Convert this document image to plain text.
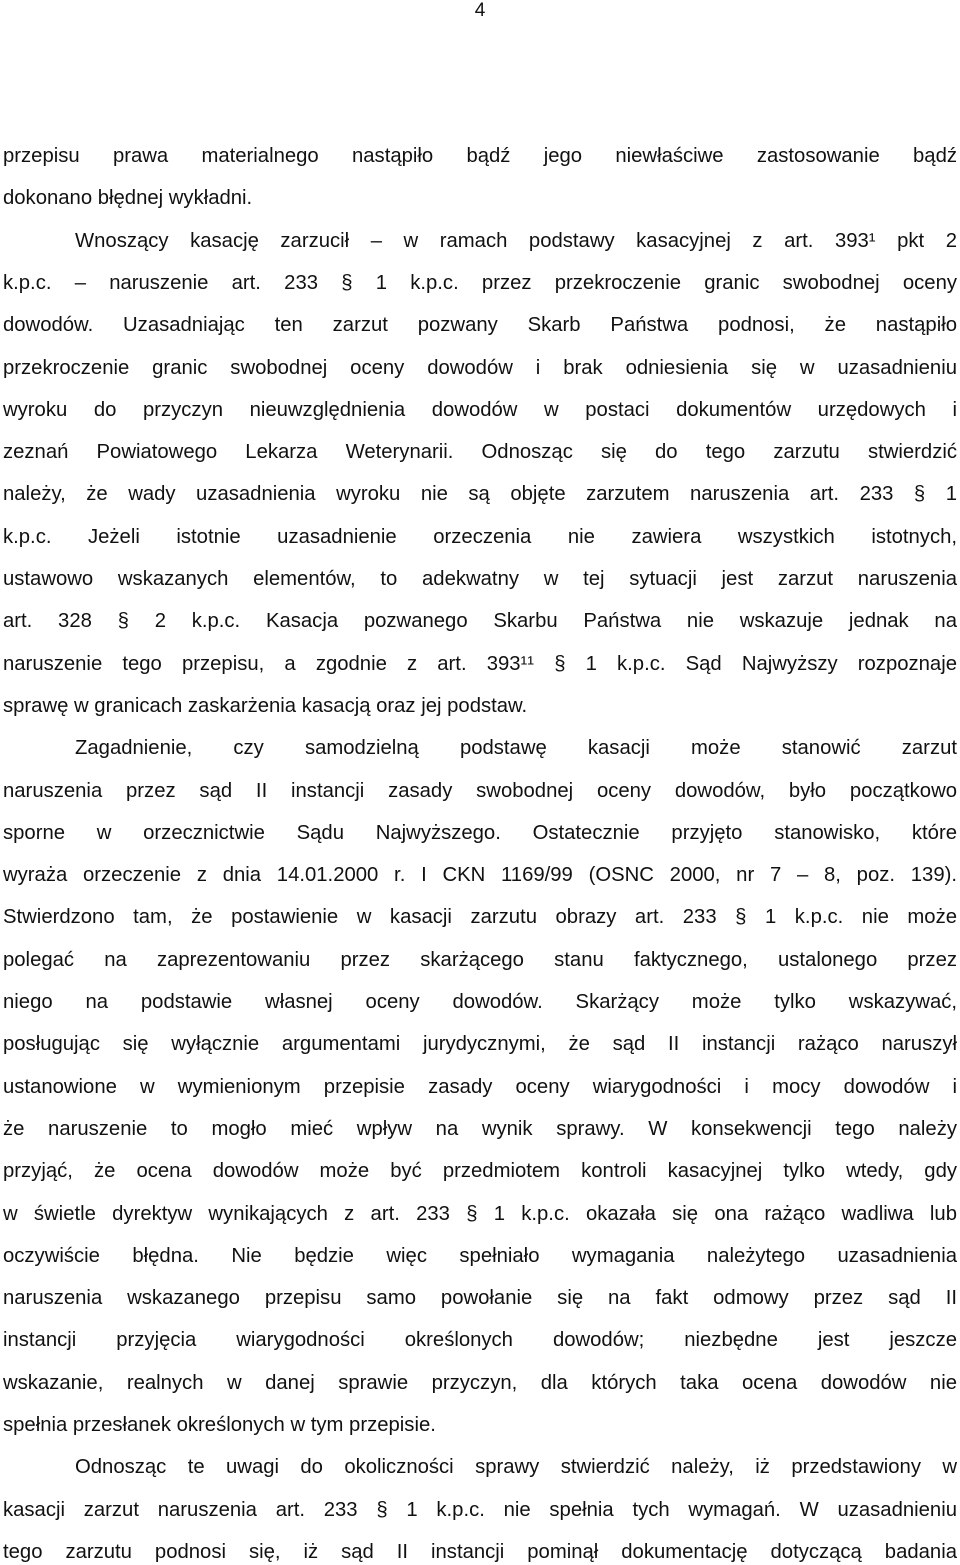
4
przepisu prawa materialnego nastąpiło bądź jego niewłaściwe zastosowanie bądź
dokonano błędnej wykładni.
Wnoszący kasację zarzucił – w ramach podstawy kasacyjnej z art. 393¹ pkt 2
k.p.c. – naruszenie art. 233 § 1 k.p.c. przez przekroczenie granic swobodnej oceny
dowodów. Uzasadniając ten zarzut pozwany Skarb Państwa podnosi, że nastąpiło
przekroczenie granic swobodnej oceny dowodów i brak odniesienia się w uzasadnieniu
wyroku do przyczyn nieuwzględnienia dowodów w postaci dokumentów urzędowych i
zeznań Powiatowego Lekarza Weterynarii. Odnosząc się do tego zarzutu stwierdzić
należy, że wady uzasadnienia wyroku nie są objęte zarzutem naruszenia art. 233 § 1
k.p.c. Jeżeli istotnie uzasadnienie orzeczenia nie zawiera wszystkich istotnych,
ustawowo wskazanych elementów, to adekwatny w tej sytuacji jest zarzut naruszenia
art. 328 § 2 k.p.c. Kasacja pozwanego Skarbu Państwa nie wskazuje jednak na
naruszenie tego przepisu, a zgodnie z art. 393¹¹ § 1 k.p.c. Sąd Najwyższy rozpoznaje
sprawę w granicach zaskarżenia kasacją oraz jej podstaw.
Zagadnienie, czy samodzielną podstawę kasacji może stanowić zarzut
naruszenia przez sąd II instancji zasady swobodnej oceny dowodów, było początkowo
sporne w orzecznictwie Sądu Najwyższego. Ostatecznie przyjęto stanowisko, które
wyraża orzeczenie z dnia 14.01.2000 r. I CKN 1169/99 (OSNC 2000, nr 7 – 8, poz. 139).
Stwierdzono tam, że postawienie w kasacji zarzutu obrazy art. 233 § 1 k.p.c. nie może
polegać na zaprezentowaniu przez skarżącego stanu faktycznego, ustalonego przez
niego na podstawie własnej oceny dowodów. Skarżący może tylko wskazywać,
posługując się wyłącznie argumentami jurydycznymi, że sąd II instancji rażąco naruszył
ustanowione w wymienionym przepisie zasady oceny wiarygodności i mocy dowodów i
że naruszenie to mogło mieć wpływ na wynik sprawy. W konsekwencji tego należy
przyjąć, że ocena dowodów może być przedmiotem kontroli kasacyjnej tylko wtedy, gdy
w świetle dyrektyw wynikających z art. 233 § 1 k.p.c. okazała się ona rażąco wadliwa lub
oczywiście błędna. Nie będzie więc spełniało wymagania należytego uzasadnienia
naruszenia wskazanego przepisu samo powołanie się na fakt odmowy przez sąd II
instancji przyjęcia wiarygodności określonych dowodów; niezbędne jest jeszcze
wskazanie, realnych w danej sprawie przyczyn, dla których taka ocena dowodów nie
spełnia przesłanek określonych w tym przepisie.
Odnosząc te uwagi do okoliczności sprawy stwierdzić należy, iż przedstawiony w
kasacji zarzut naruszenia art. 233 § 1 k.p.c. nie spełnia tych wymagań. W uzasadnieniu
tego zarzutu podnosi się, iż sąd II instancji pominął dokumentację dotyczącą badania
